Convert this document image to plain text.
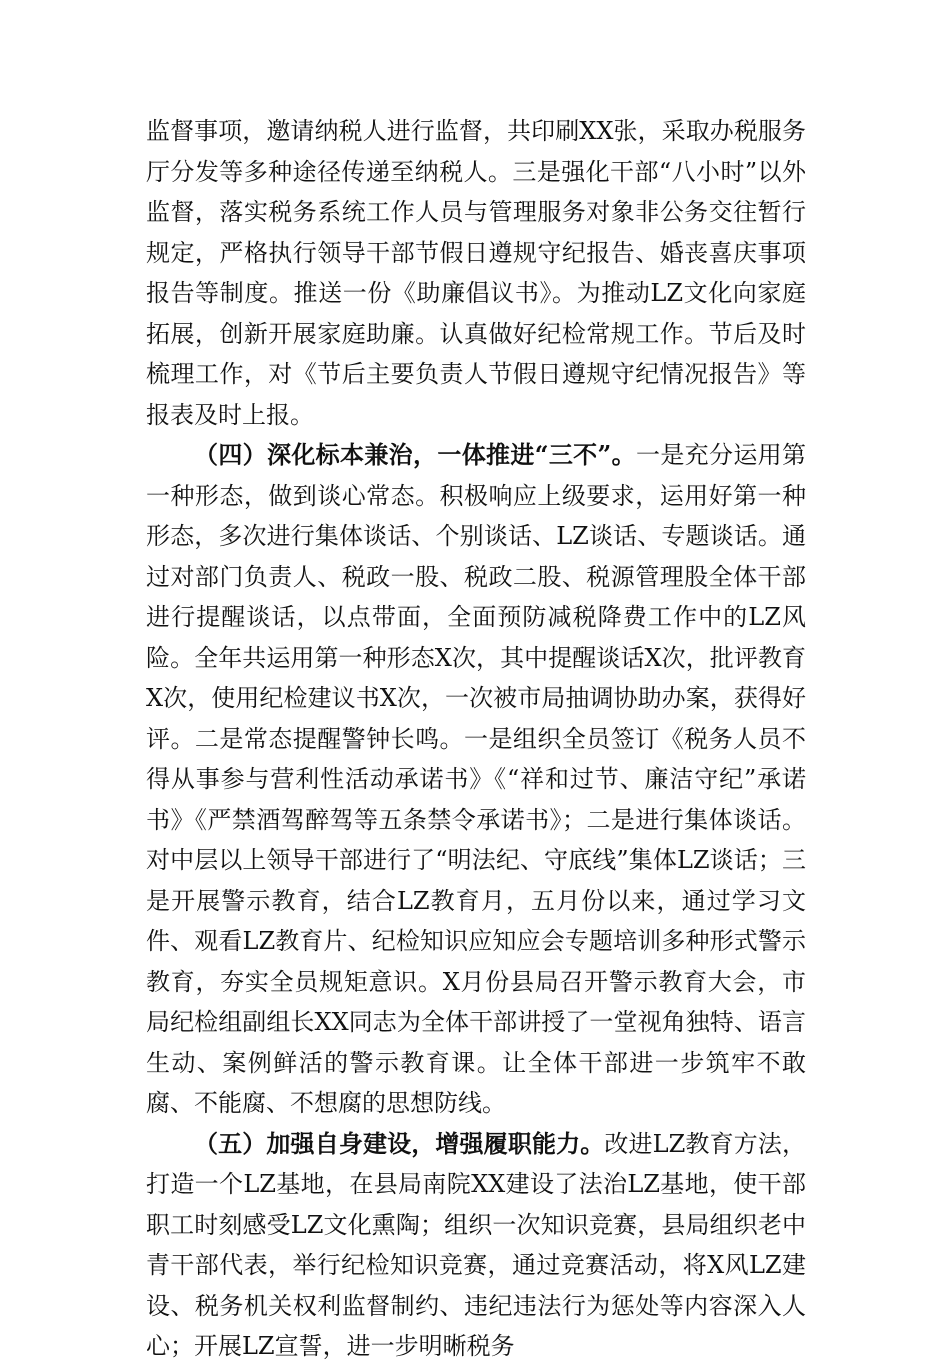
监督事项，邀请纳税人进行监督，共印刷XX张，采取办税服务厅分发等多种途径传递至纳税人。三是强化干部“八小时”以外监督，落实税务系统工作人员与管理服务对象非公务交往暂行规定，严格执行领导干部节假日遵规守纪报告、婚丧喜庆事项报告等制度。推送一份《助廉倡议书》。为推动LZ文化向家庭拓展，创新开展家庭助廉。认真做好纪检常规工作。节后及时梳理工作，对《节后主要负责人节假日遵规守纪情况报告》等报表及时上报。

（四）深化标本兼治，一体推进“三不”。一是充分运用第一种形态，做到谈心常态。积极响应上级要求，运用好第一种形态，多次进行集体谈话、个别谈话、LZ谈话、专题谈话。通过对部门负责人、税政一股、税政二股、税源管理股全体干部进行提醒谈话，以点带面，全面预防减税降费工作中的LZ风险。全年共运用第一种形态X次，其中提醒谈话X次，批评教育X次，使用纪检建议书X次，一次被市局抽调协助办案，获得好评。二是常态提醒警钟长鸣。一是组织全员签订《税务人员不得从事参与营利性活动承诺书》《“祥和过节、廉洁守纪”承诺书》《严禁酒驾醉驾等五条禁令承诺书》；二是进行集体谈话。对中层以上领导干部进行了“明法纪、守底线”集体LZ谈话；三是开展警示教育，结合LZ教育月，五月份以来，通过学习文件、观看LZ教育片、纪检知识应知应会专题培训多种形式警示教育，夯实全员规矩意识。X月份县局召开警示教育大会，市局纪检组副组长XX同志为全体干部讲授了一堂视角独特、语言生动、案例鲜活的警示教育课。让全体干部进一步筑牢不敢腐、不能腐、不想腐的思想防线。

（五）加强自身建设，增强履职能力。改进LZ教育方法，打造一个LZ基地，在县局南院XX建设了法治LZ基地，使干部职工时刻感受LZ文化熏陶；组织一次知识竞赛，县局组织老中青干部代表，举行纪检知识竞赛，通过竞赛活动，将X风LZ建设、税务机关权利监督制约、违纪违法行为惩处等内容深入人心；开展LZ宣誓，进一步明晰税务
